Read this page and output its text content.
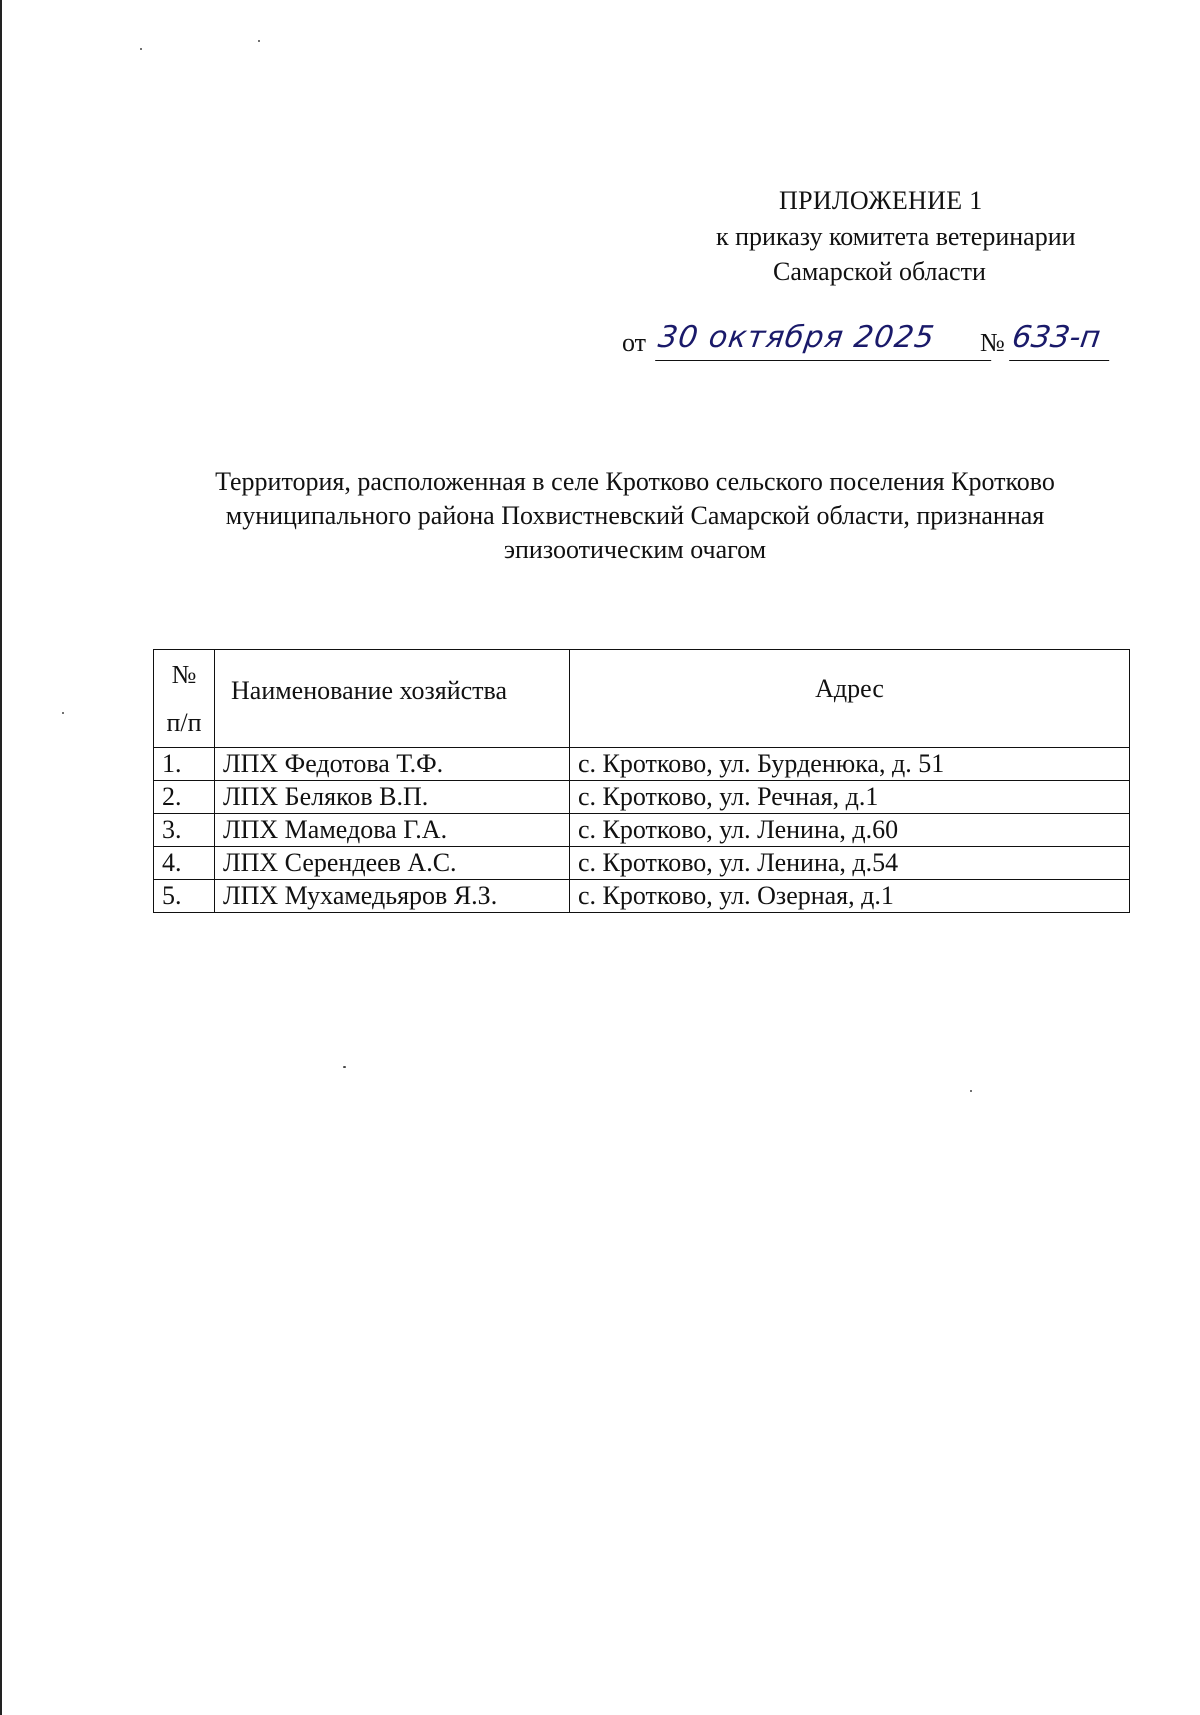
ПРИЛОЖЕНИЕ 1
к приказу комитета ветеринарии
Самарской области
от 30 октября 2025	№ 633-п
Территория, расположенная в селе Кротково сельского поселения Кротково
муниципального района Похвистневский Самарской области, признанная
эпизоотическим очагом
№
п/п	Наименование хозяйства	Адрес
1.	ЛПХ Федотова Т.Ф.	с. Кротково, ул. Бурденюка, д. 51
2.	ЛПХ Беляков В.П.	с. Кротково, ул. Речная, д.1
3.	ЛПХ Мамедова Г.А.	с. Кротково, ул. Ленина, д.60
4.	ЛПХ Серендеев А.С.	с. Кротково, ул. Ленина, д.54
5.	ЛПХ Мухамедьяров Я.З.	с. Кротково, ул. Озерная, д.1
